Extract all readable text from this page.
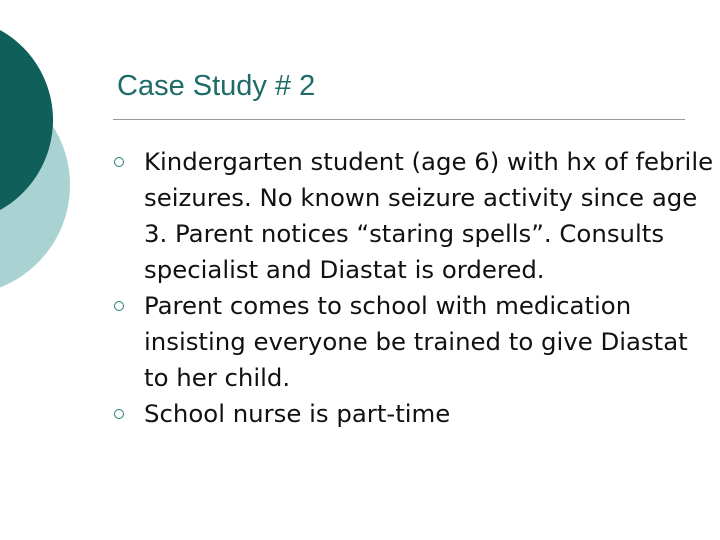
Case Study # 2
Kindergarten student (age 6) with hx of febrile seizures. No known seizure activity since age 3. Parent notices “staring spells”. Consults specialist and Diastat is ordered.
Parent comes to school with medication insisting everyone be trained to give Diastat to her child.
School nurse is part-time
